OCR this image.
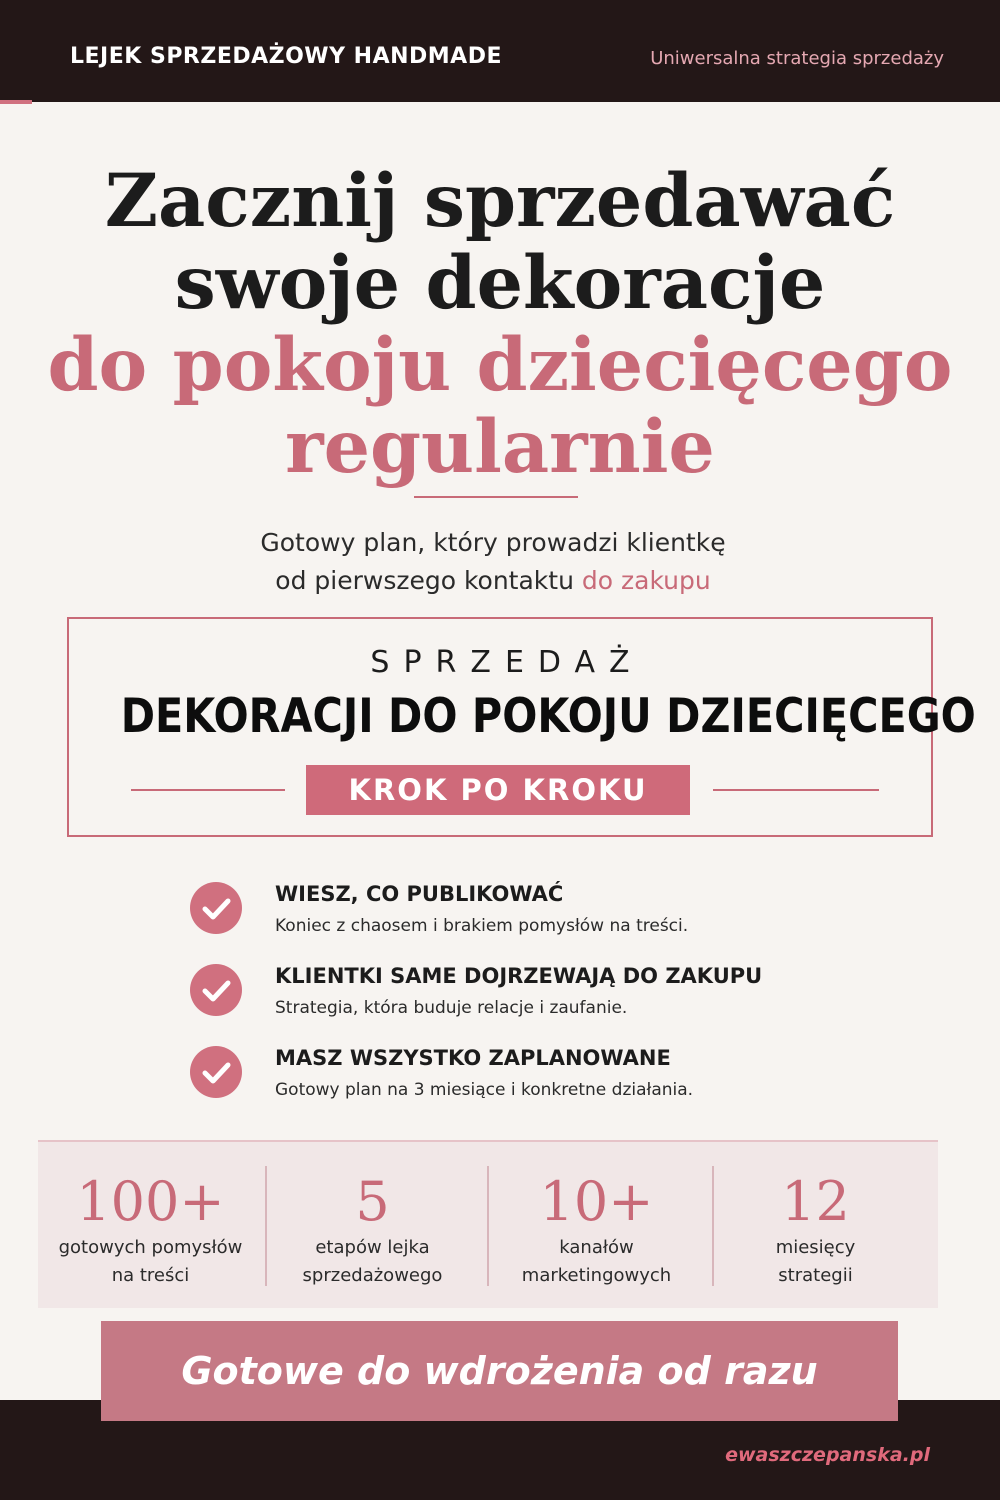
LEJEK SPRZEDAŻOWY HANDMADE	Uniwersalna strategia sprzedaży
Zacznij sprzedawać
swoje dekoracje
do pokoju dziecięcego
regularnie
Gotowy plan, który prowadzi klientkę
od pierwszego kontaktu do zakupu
SPRZEDAŻ
DEKORACJI DO POKOJU DZIECIĘCEGO
KROK PO KROKU
WIESZ, CO PUBLIKOWAĆ
Koniec z chaosem i brakiem pomysłów na treści.
KLIENTKI SAME DOJRZEWAJĄ DO ZAKUPU
Strategia, która buduje relacje i zaufanie.
MASZ WSZYSTKO ZAPLANOWANE
Gotowy plan na 3 miesiące i konkretne działania.
100+
gotowych pomysłów
na treści
5
etapów lejka
sprzedażowego
10+
kanałów
marketingowych
12
miesięcy
strategii
Gotowe do wdrożenia od razu
ewaszczepanska.pl
